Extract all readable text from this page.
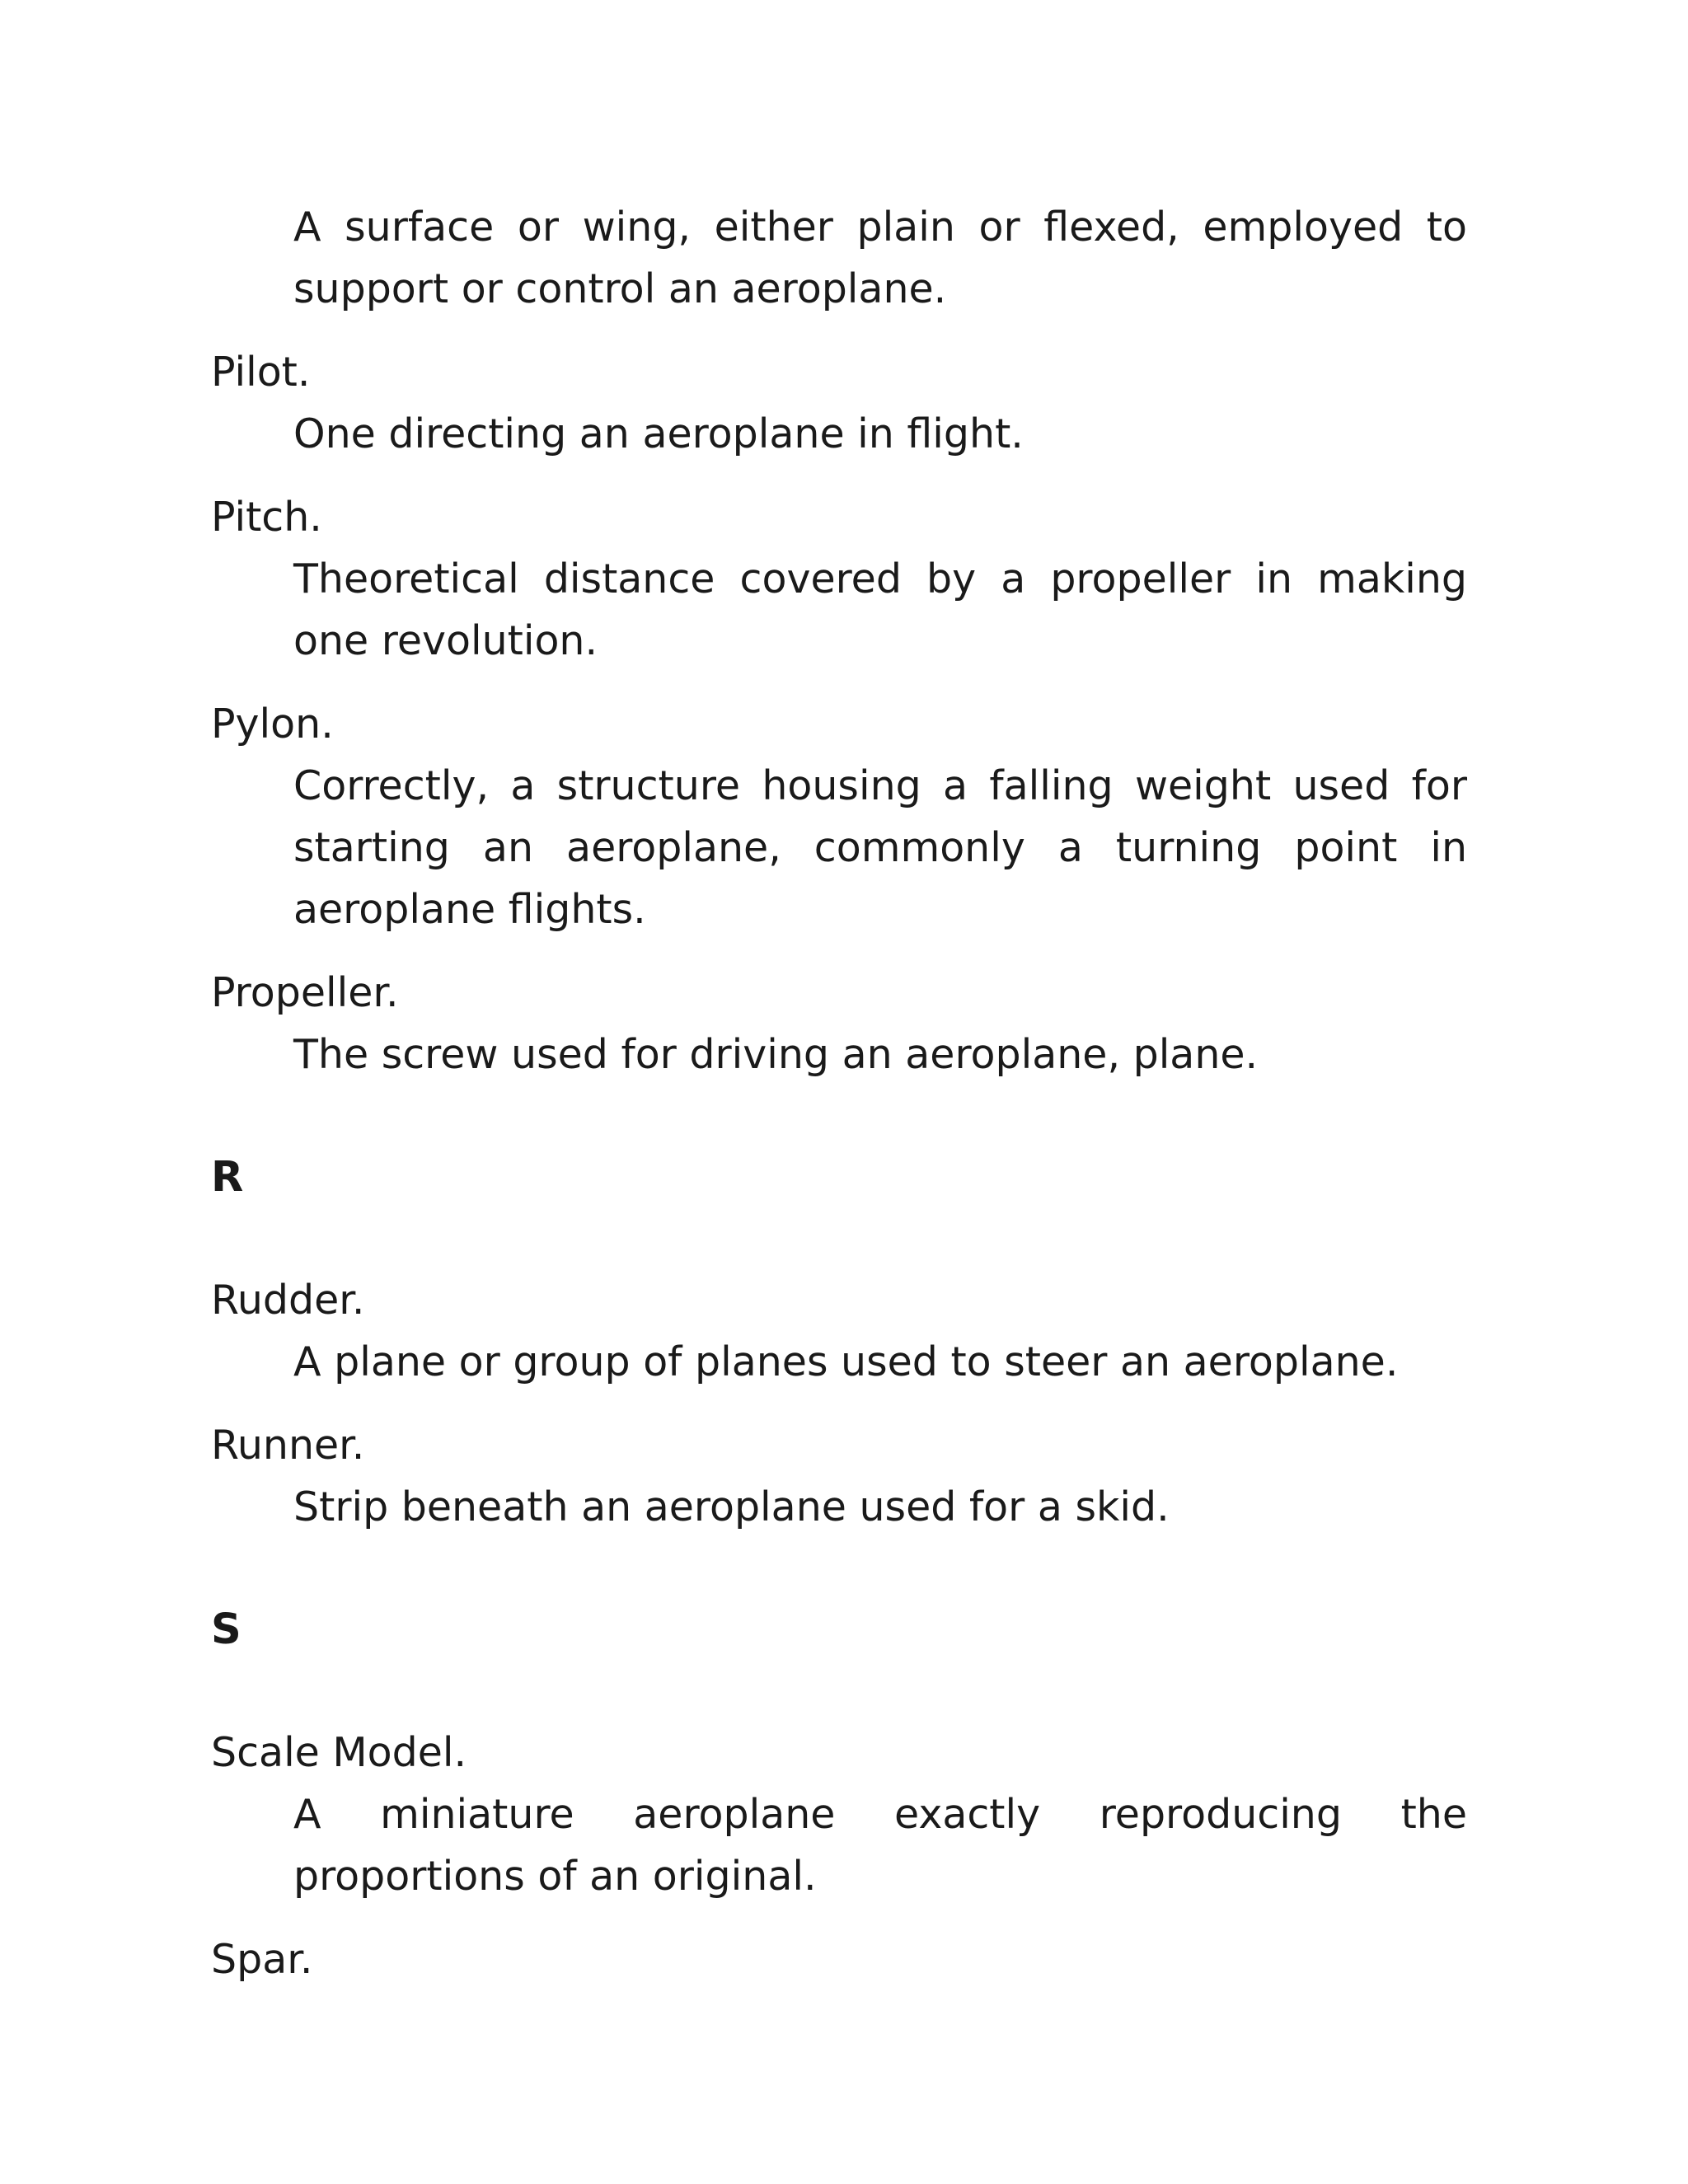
A surface or wing, either plain or flexed, employed to support or control an aeroplane.
Pilot.
One directing an aeroplane in flight.
Pitch.
Theoretical distance covered by a propeller in making one revolution.
Pylon.
Correctly, a structure housing a falling weight used for starting an aeroplane, commonly a turning point in aeroplane flights.
Propeller.
The screw used for driving an aeroplane, plane.
R
Rudder.
A plane or group of planes used to steer an aeroplane.
Runner.
Strip beneath an aeroplane used for a skid.
S
Scale Model.
A miniature aeroplane exactly reproducing the proportions of an original.
Spar.
